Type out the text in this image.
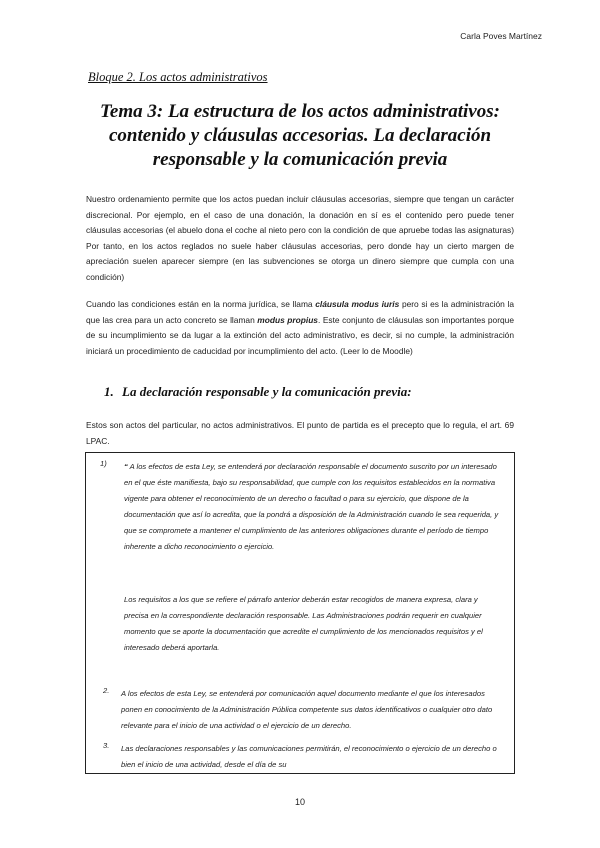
Carla Poves Martínez
Bloque 2. Los actos administrativos
Tema 3: La estructura de los actos administrativos: contenido y cláusulas accesorias. La declaración responsable y la comunicación previa
Nuestro ordenamiento permite que los actos puedan incluir cláusulas accesorias, siempre que tengan un carácter discrecional. Por ejemplo, en el caso de una donación, la donación en sí es el contenido pero puede tener cláusulas accesorias (el abuelo dona el coche al nieto pero con la condición de que apruebe todas las asignaturas) Por tanto, en los actos reglados no suele haber cláusulas accesorias, pero donde hay un cierto margen de apreciación suelen aparecer siempre (en las subvenciones se otorga un dinero siempre que cumpla con una condición)
Cuando las condiciones están en la norma jurídica, se llama cláusula modus iuris pero si es la administración la que las crea para un acto concreto se llaman modus propius. Este conjunto de cláusulas son importantes porque de su incumplimiento se da lugar a la extinción del acto administrativo, es decir, si no cumple, la administración iniciará un procedimiento de caducidad por incumplimiento del acto. (Leer lo de Moodle)
1. La declaración responsable y la comunicación previa:
Estos son actos del particular, no actos administrativos. El punto de partida es el precepto que lo regula, el art. 69 LPAC.
1) “ A los efectos de esta Ley, se entenderá por declaración responsable el documento suscrito por un interesado en el que éste manifiesta, bajo su responsabilidad, que cumple con los requisitos establecidos en la normativa vigente para obtener el reconocimiento de un derecho o facultad o para su ejercicio, que dispone de la documentación que así lo acredita, que la pondrá a disposición de la Administración cuando le sea requerida, y que se compromete a mantener el cumplimiento de las anteriores obligaciones durante el período de tiempo inherente a dicho reconocimiento o ejercicio.
Los requisitos a los que se refiere el párrafo anterior deberán estar recogidos de manera expresa, clara y precisa en la correspondiente declaración responsable. Las Administraciones podrán requerir en cualquier momento que se aporte la documentación que acredite el cumplimiento de los mencionados requisitos y el interesado deberá aportarla.
2. A los efectos de esta Ley, se entenderá por comunicación aquel documento mediante el que los interesados ponen en conocimiento de la Administración Pública competente sus datos identificativos o cualquier otro dato relevante para el inicio de una actividad o el ejercicio de un derecho.
3. Las declaraciones responsables y las comunicaciones permitirán, el reconocimiento o ejercicio de un derecho o bien el inicio de una actividad, desde el día de su
10
